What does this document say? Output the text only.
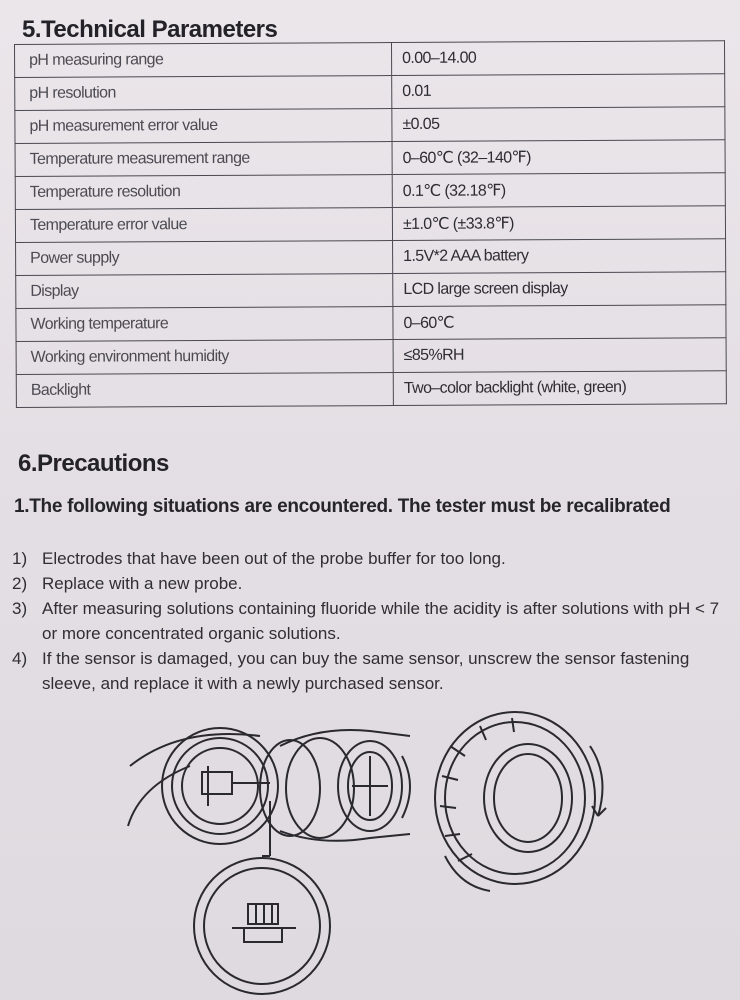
5.Technical Parameters
pH measuring range	0.00–14.00
pH resolution	0.01
pH measurement error value	±0.05
Temperature measurement range	0–60℃ (32–140℉)
Temperature resolution	0.1℃ (32.18℉)
Temperature error value	±1.0℃ (±33.8℉)
Power supply	1.5V*2 AAA battery
Display	LCD large screen display
Working temperature	0–60℃
Working environment humidity	≤85%RH
Backlight	Two–color backlight (white, green)
6.Precautions

1.The following situations are encountered. The tester must be recalibrated

1) Electrodes that have been out of the probe buffer for too long.
2) Replace with a new probe.
3) After measuring solutions containing fluoride while the acidity is after solutions with pH < 7 or more concentrated organic solutions.
4) If the sensor is damaged, you can buy the same sensor, unscrew the sensor fastening sleeve, and replace it with a newly purchased sensor.
